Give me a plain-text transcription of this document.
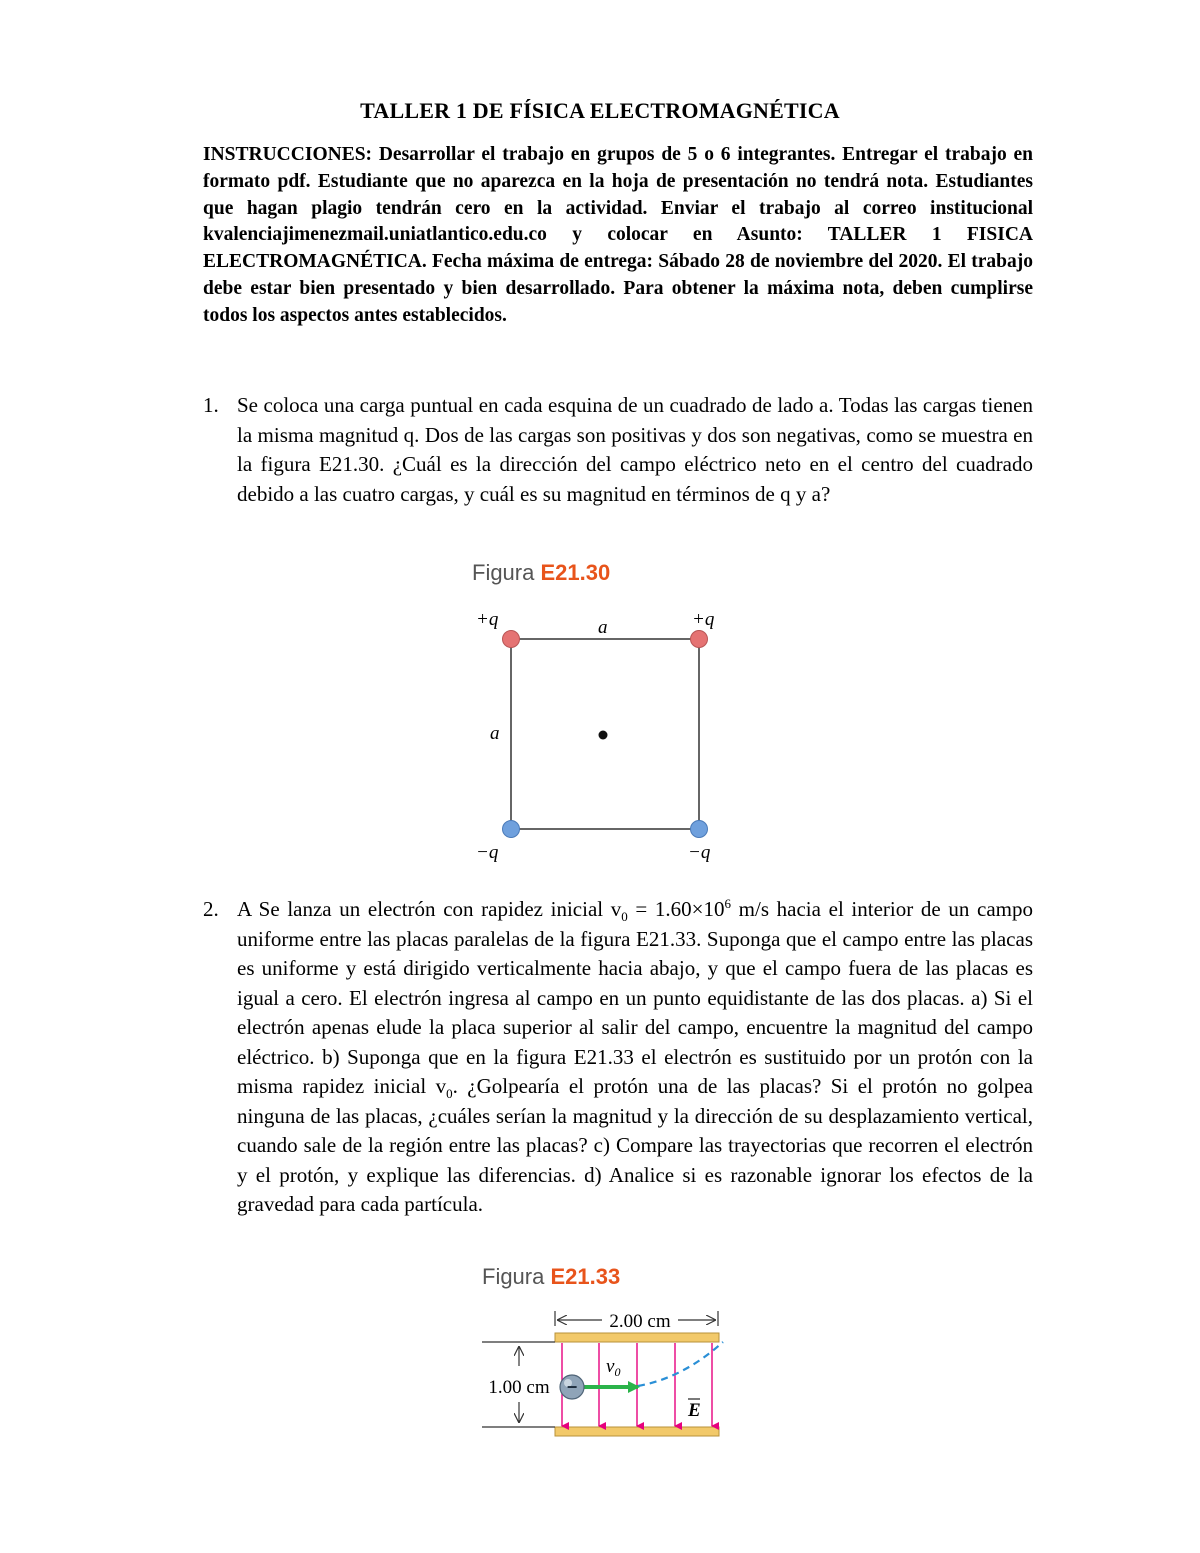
TALLER 1 DE FÍSICA ELECTROMAGNÉTICA
INSTRUCCIONES: Desarrollar el trabajo en grupos de 5 o 6 integrantes. Entregar el trabajo en formato pdf. Estudiante que no aparezca en la hoja de presentación no tendrá nota. Estudiantes que hagan plagio tendrán cero en la actividad. Enviar el trabajo al correo institucional kvalenciajimenezmail.uniatlantico.edu.co y colocar en Asunto: TALLER 1 FISICA ELECTROMAGNÉTICA. Fecha máxima de entrega: Sábado 28 de noviembre del 2020. El trabajo debe estar bien presentado y bien desarrollado. Para obtener la máxima nota, deben cumplirse todos los aspectos antes establecidos.
1. Se coloca una carga puntual en cada esquina de un cuadrado de lado a. Todas las cargas tienen la misma magnitud q. Dos de las cargas son positivas y dos son negativas, como se muestra en la figura E21.30. ¿Cuál es la dirección del campo eléctrico neto en el centro del cuadrado debido a las cuatro cargas, y cuál es su magnitud en términos de q y a?
Figura E21.30
+q	+q
−q	−q
a
a
2. A Se lanza un electrón con rapidez inicial $v_0 = 1.60\times 10^6$ m/s hacia el interior de un campo uniforme entre las placas paralelas de la figura E21.33. Suponga que el campo entre las placas es uniforme y está dirigido verticalmente hacia abajo, y que el campo fuera de las placas es igual a cero. El electrón ingresa al campo en un punto equidistante de las dos placas. a) Si el electrón apenas elude la placa superior al salir del campo, encuentre la magnitud del campo eléctrico. b) Suponga que en la figura E21.33 el electrón es sustituido por un protón con la misma rapidez inicial $v_0$. ¿Golpearía el protón una de las placas? Si el protón no golpea ninguna de las placas, ¿cuáles serían la magnitud y la dirección de su desplazamiento vertical, cuando sale de la región entre las placas? c) Compare las trayectorias que recorren el electrón y el protón, y explique las diferencias. d) Analice si es razonable ignorar los efectos de la gravedad para cada partícula.
Figura E21.33
2.00 cm
1.00 cm
$v_0$
−
E
